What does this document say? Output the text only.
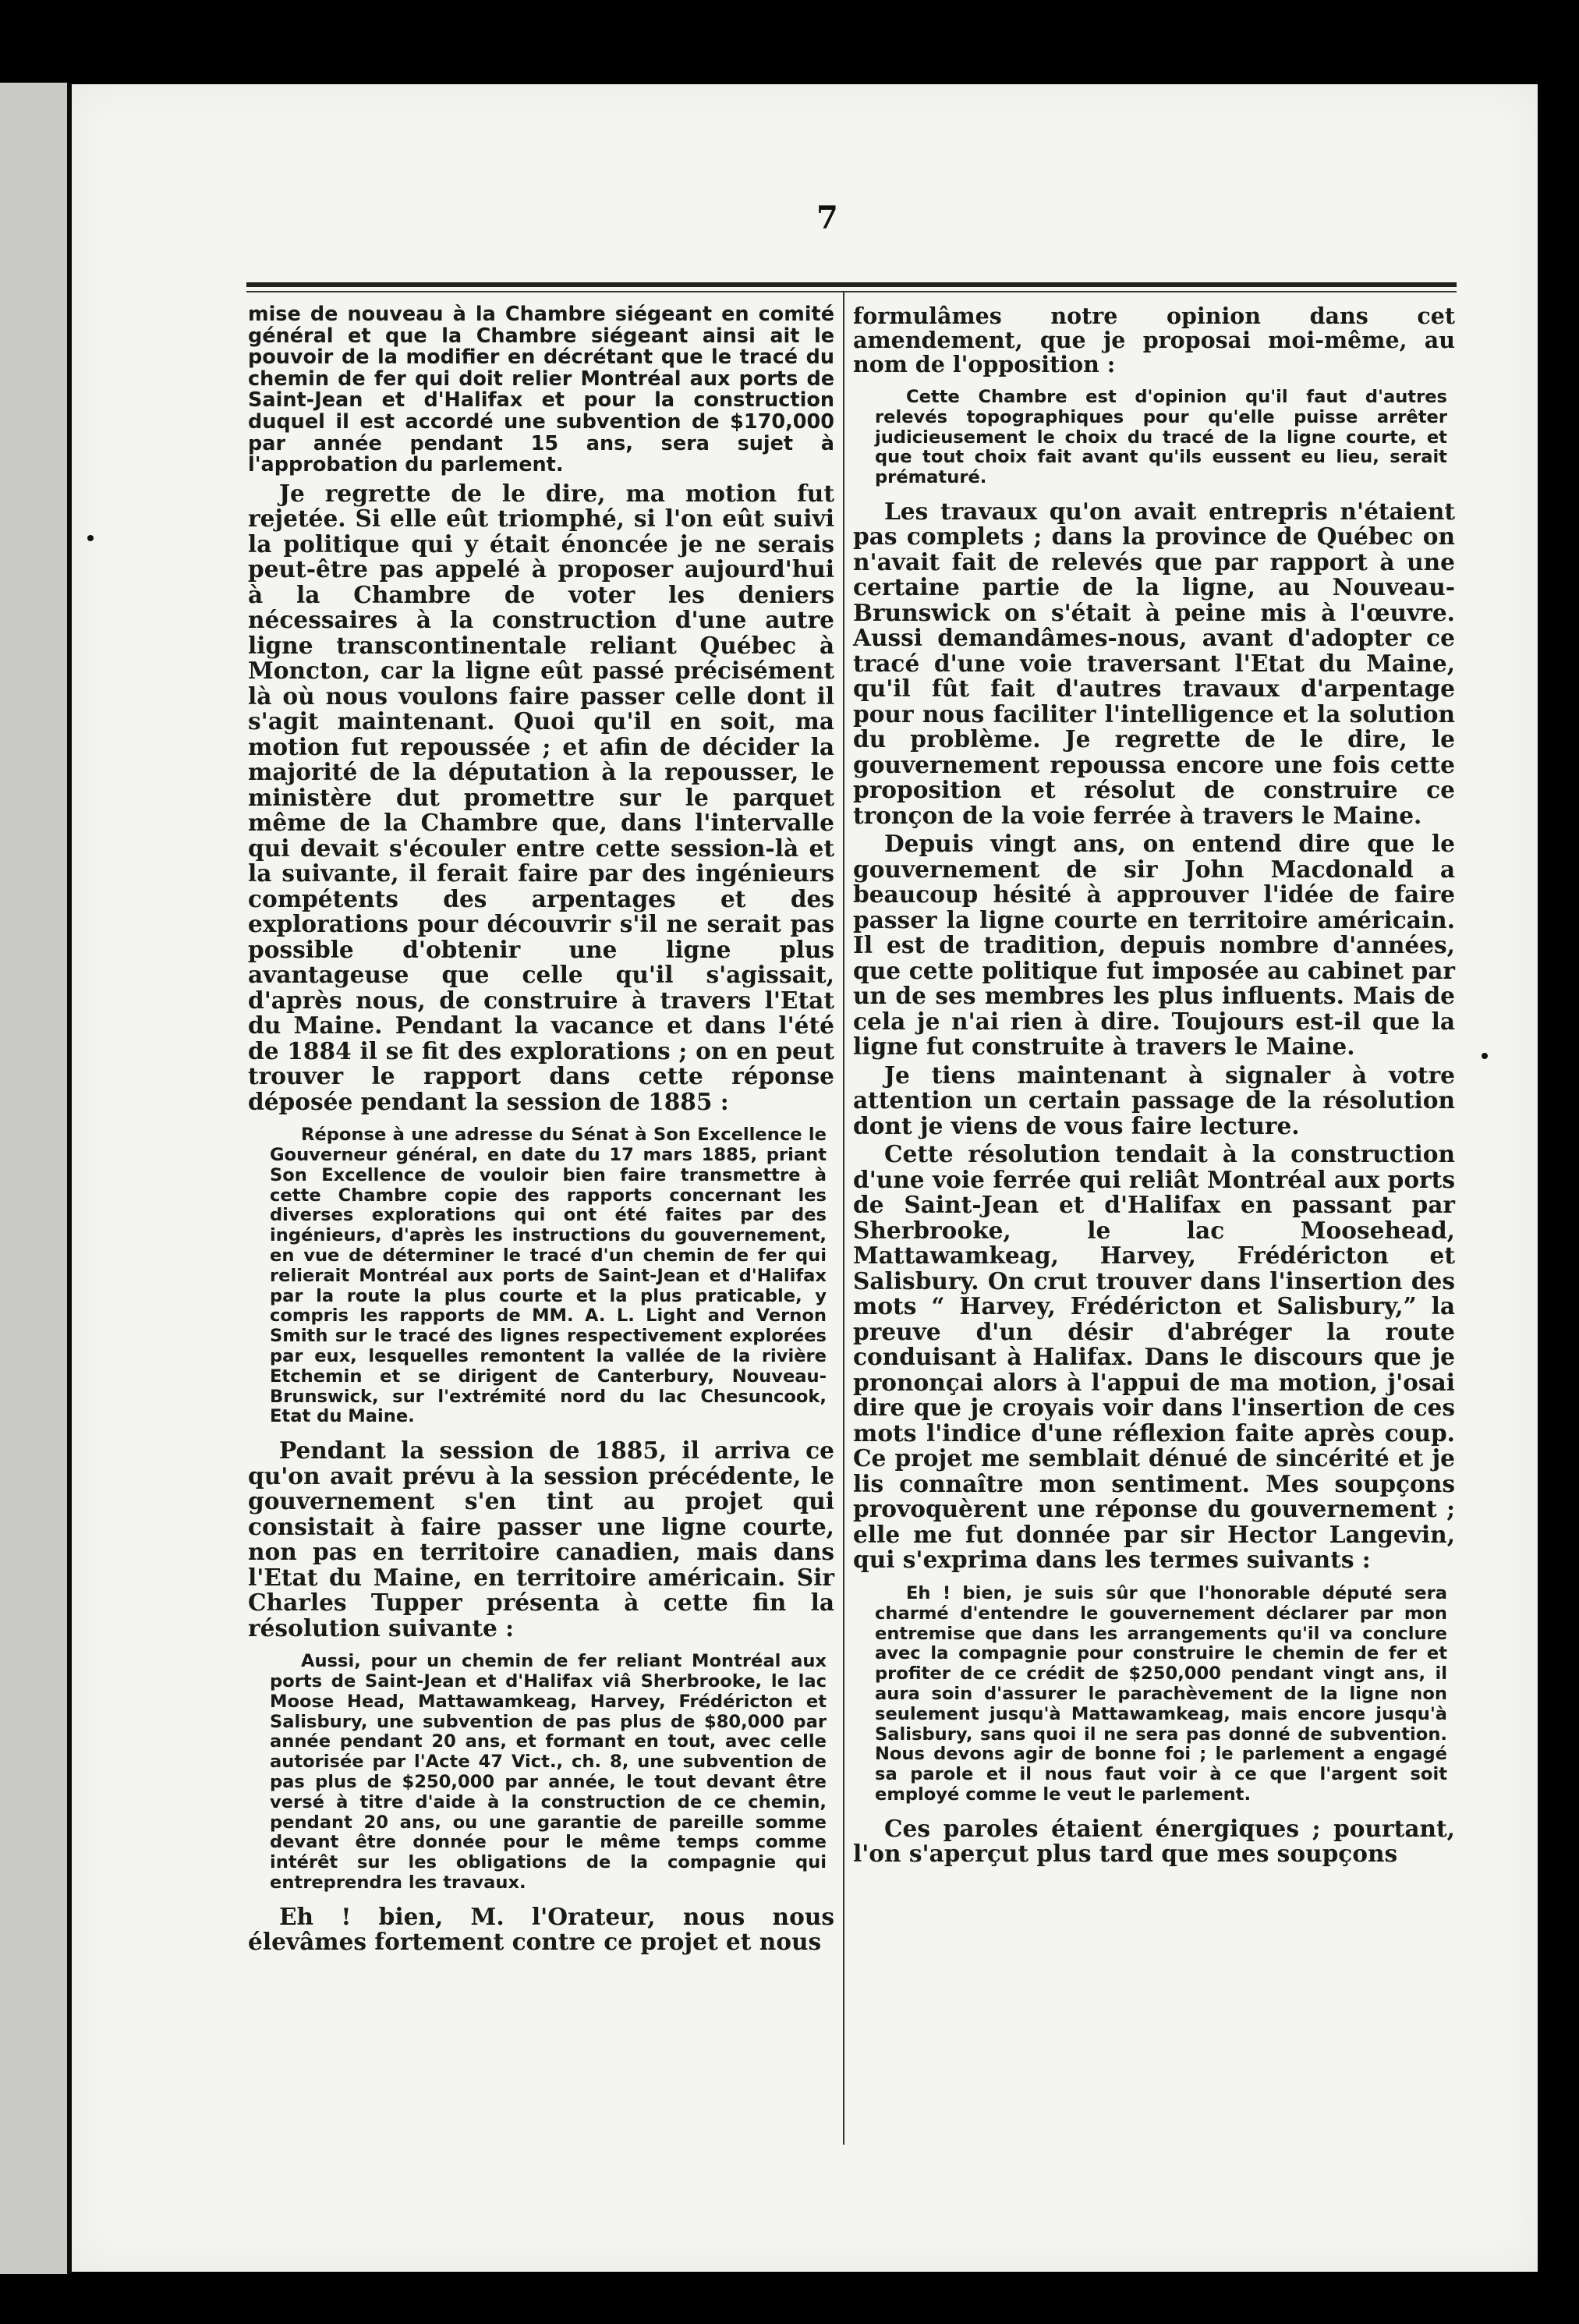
7

mise de nouveau à la Chambre siégeant en comité général et que la Chambre siégeant ainsi ait le pouvoir de la modifier en décrétant que le tracé du chemin de fer qui doit relier Montréal aux ports de Saint-Jean et d'Halifax et pour la construction duquel il est accordé une subvention de $170,000 par année pendant 15 ans, sera sujet à l'approbation du parlement.

Je regrette de le dire, ma motion fut rejetée. Si elle eût triomphé, si l'on eût suivi la politique qui y était énoncée je ne serais peut-être pas appelé à proposer aujourd'hui à la Chambre de voter les deniers nécessaires à la construction d'une autre ligne transcontinentale reliant Québec à Moncton, car la ligne eût passé précisément là où nous voulons faire passer celle dont il s'agit maintenant. Quoi qu'il en soit, ma motion fut repoussée ; et afin de décider la majorité de la députation à la repousser, le ministère dut promettre sur le parquet même de la Chambre que, dans l'intervalle qui devait s'écouler entre cette session-là et la suivante, il ferait faire par des ingénieurs compétents des arpentages et des explorations pour découvrir s'il ne serait pas possible d'obtenir une ligne plus avantageuse que celle qu'il s'agissait, d'après nous, de construire à travers l'Etat du Maine. Pendant la vacance et dans l'été de 1884 il se fit des explorations ; on en peut trouver le rapport dans cette réponse déposée pendant la session de 1885 :

Réponse à une adresse du Sénat à Son Excellence le Gouverneur général, en date du 17 mars 1885, priant Son Excellence de vouloir bien faire transmettre à cette Chambre copie des rapports concernant les diverses explorations qui ont été faites par des ingénieurs, d'après les instructions du gouvernement, en vue de déterminer le tracé d'un chemin de fer qui relierait Montréal aux ports de Saint-Jean et d'Halifax par la route la plus courte et la plus praticable, y compris les rapports de MM. A. L. Light and Vernon Smith sur le tracé des lignes respectivement explorées par eux, lesquelles remontent la vallée de la rivière Etchemin et se dirigent de Canterbury, Nouveau-Brunswick, sur l'extrémité nord du lac Chesuncook, Etat du Maine.

Pendant la session de 1885, il arriva ce qu'on avait prévu à la session précédente, le gouvernement s'en tint au projet qui consistait à faire passer une ligne courte, non pas en territoire canadien, mais dans l'Etat du Maine, en territoire américain. Sir Charles Tupper présenta à cette fin la résolution suivante :

Aussi, pour un chemin de fer reliant Montréal aux ports de Saint-Jean et d'Halifax viâ Sherbrooke, le lac Moose Head, Mattawamkeag, Harvey, Frédéricton et Salisbury, une subvention de pas plus de $80,000 par année pendant 20 ans, et formant en tout, avec celle autorisée par l'Acte 47 Vict., ch. 8, une subvention de pas plus de $250,000 par année, le tout devant être versé à titre d'aide à la construction de ce chemin, pendant 20 ans, ou une garantie de pareille somme devant être donnée pour le même temps comme intérêt sur les obligations de la compagnie qui entreprendra les travaux.

Eh ! bien, M. l'Orateur, nous nous élevâmes fortement contre ce projet et nous

formulâmes notre opinion dans cet amendement, que je proposai moi-même, au nom de l'opposition :

Cette Chambre est d'opinion qu'il faut d'autres relevés topographiques pour qu'elle puisse arrêter judicieusement le choix du tracé de la ligne courte, et que tout choix fait avant qu'ils eussent eu lieu, serait prématuré.

Les travaux qu'on avait entrepris n'étaient pas complets ; dans la province de Québec on n'avait fait de relevés que par rapport à une certaine partie de la ligne, au Nouveau-Brunswick on s'était à peine mis à l'œuvre. Aussi demandâmes-nous, avant d'adopter ce tracé d'une voie traversant l'Etat du Maine, qu'il fût fait d'autres travaux d'arpentage pour nous faciliter l'intelligence et la solution du problème. Je regrette de le dire, le gouvernement repoussa encore une fois cette proposition et résolut de construire ce tronçon de la voie ferrée à travers le Maine.

Depuis vingt ans, on entend dire que le gouvernement de sir John Macdonald a beaucoup hésité à approuver l'idée de faire passer la ligne courte en territoire américain. Il est de tradition, depuis nombre d'années, que cette politique fut imposée au cabinet par un de ses membres les plus influents. Mais de cela je n'ai rien à dire. Toujours est-il que la ligne fut construite à travers le Maine.

Je tiens maintenant à signaler à votre attention un certain passage de la résolution dont je viens de vous faire lecture.

Cette résolution tendait à la construction d'une voie ferrée qui reliât Montréal aux ports de Saint-Jean et d'Halifax en passant par Sherbrooke, le lac Moosehead, Mattawamkeag, Harvey, Frédéricton et Salisbury. On crut trouver dans l'insertion des mots “ Harvey, Frédéricton et Salisbury,” la preuve d'un désir d'abréger la route conduisant à Halifax. Dans le discours que je prononçai alors à l'appui de ma motion, j'osai dire que je croyais voir dans l'insertion de ces mots l'indice d'une réflexion faite après coup. Ce projet me semblait dénué de sincérité et je lis connaître mon sentiment. Mes soupçons provoquèrent une réponse du gouvernement ; elle me fut donnée par sir Hector Langevin, qui s'exprima dans les termes suivants :

Eh ! bien, je suis sûr que l'honorable député sera charmé d'entendre le gouvernement déclarer par mon entremise que dans les arrangements qu'il va conclure avec la compagnie pour construire le chemin de fer et profiter de ce crédit de $250,000 pendant vingt ans, il aura soin d'assurer le parachèvement de la ligne non seulement jusqu'à Mattawamkeag, mais encore jusqu'à Salisbury, sans quoi il ne sera pas donné de subvention. Nous devons agir de bonne foi ; le parlement a engagé sa parole et il nous faut voir à ce que l'argent soit employé comme le veut le parlement.

Ces paroles étaient énergiques ; pourtant, l'on s'aperçut plus tard que mes soupçons
